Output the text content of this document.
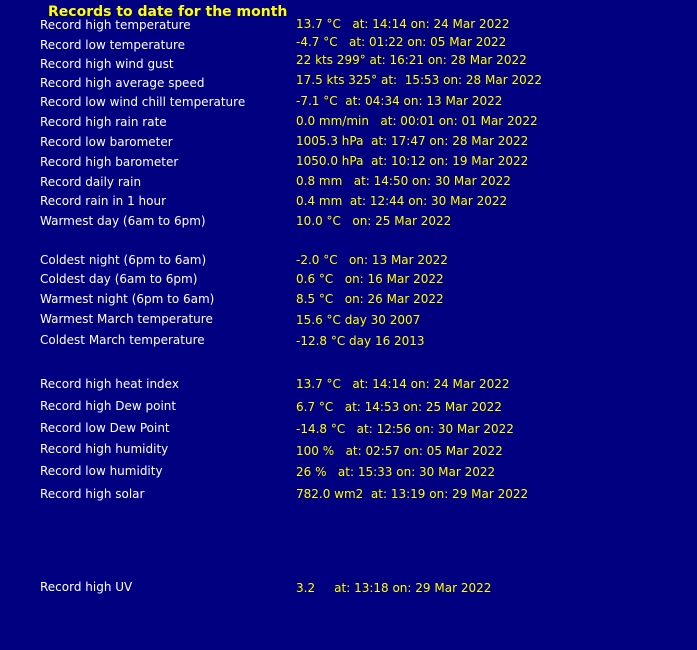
Records to date for the month
Record high temperature	13.7 °C   at: 14:14 on: 24 Mar 2022
Record low temperature	-4.7 °C   at: 01:22 on: 05 Mar 2022
Record high wind gust	22 kts 299° at: 16:21 on: 28 Mar 2022
Record high average speed	17.5 kts 325° at:  15:53 on: 28 Mar 2022
Record low wind chill temperature	-7.1 °C  at: 04:34 on: 13 Mar 2022
Record high rain rate	0.0 mm/min   at: 00:01 on: 01 Mar 2022
Record low barometer	1005.3 hPa  at: 17:47 on: 28 Mar 2022
Record high barometer	1050.0 hPa  at: 10:12 on: 19 Mar 2022
Record daily rain	0.8 mm   at: 14:50 on: 30 Mar 2022
Record rain in 1 hour	0.4 mm  at: 12:44 on: 30 Mar 2022
Warmest day (6am to 6pm)	10.0 °C   on: 25 Mar 2022
Coldest night (6pm to 6am)	-2.0 °C   on: 13 Mar 2022
Coldest day (6am to 6pm)	0.6 °C   on: 16 Mar 2022
Warmest night (6pm to 6am)	8.5 °C   on: 26 Mar 2022
Warmest March temperature	15.6 °C day 30 2007
Coldest March temperature	-12.8 °C day 16 2013
Record high heat index	13.7 °C   at: 14:14 on: 24 Mar 2022
Record high Dew point	6.7 °C   at: 14:53 on: 25 Mar 2022
Record low Dew Point	-14.8 °C   at: 12:56 on: 30 Mar 2022
Record high humidity	100 %   at: 02:57 on: 05 Mar 2022
Record low humidity	26 %   at: 15:33 on: 30 Mar 2022
Record high solar	782.0 wm2  at: 13:19 on: 29 Mar 2022
Record high UV	3.2     at: 13:18 on: 29 Mar 2022
